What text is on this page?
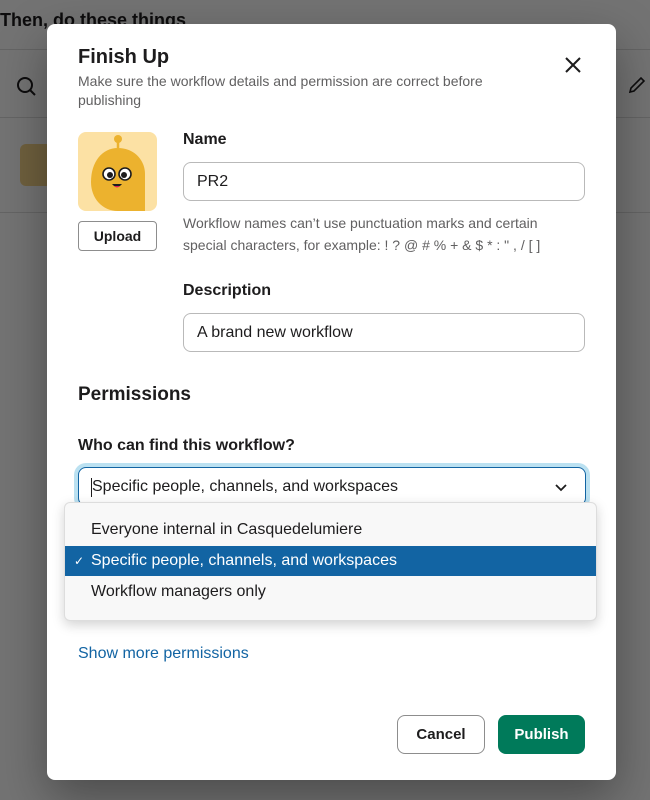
Finish Up
Make sure the workflow details and permission are correct before publishing
Upload
Name
PR2
Workflow names can’t use punctuation marks and certain special characters, for example: ! ? @ # % + & $ * : " , / [ ]
Description
A brand new workflow
Permissions
Who can find this workflow?
Specific people, channels, and workspaces
Everyone internal in Casquedelumiere
✓ Specific people, channels, and workspaces
Workflow managers only
Show more permissions
Cancel	Publish
